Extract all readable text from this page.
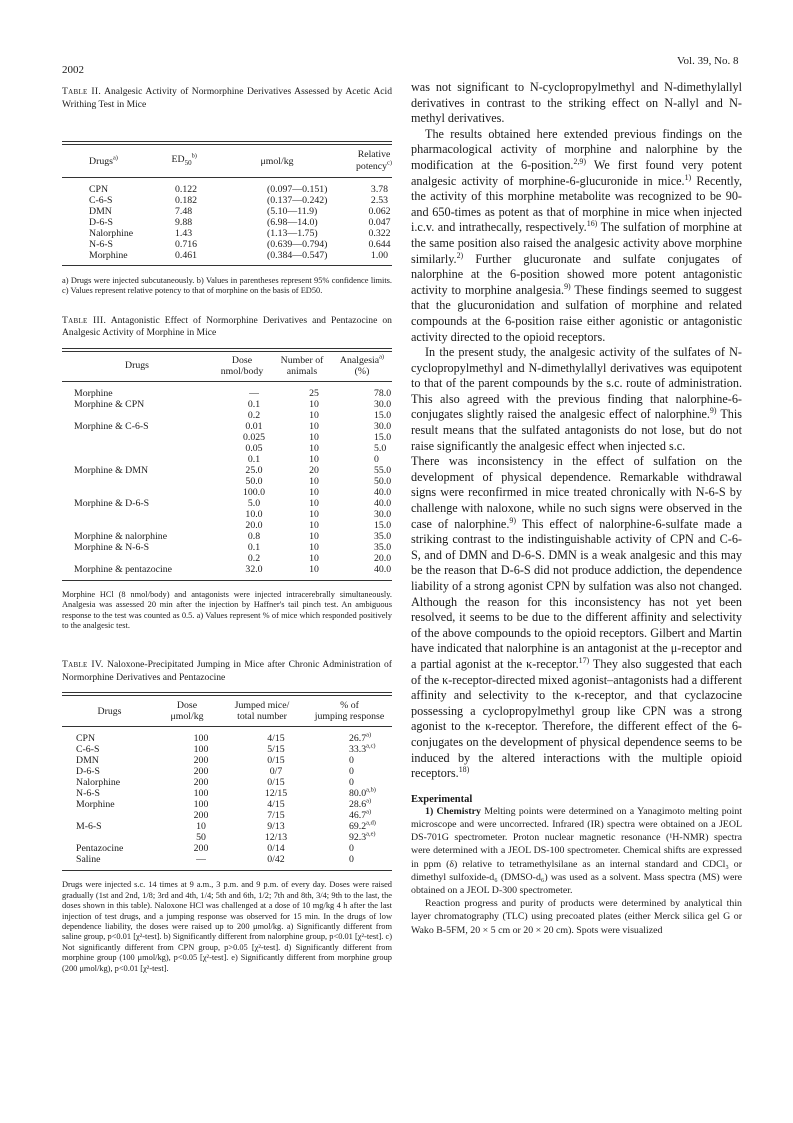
2002
Vol. 39, No. 8

Table II. Analgesic Activity of Normorphine Derivatives Assessed by Acetic Acid Writhing Test in Mice

Drugs$^{a)}$	$ED_{50}^{b)}$	μmol/kg	Relative
potency$^{c)}$
CPN	0.122	(0.097—0.151)	3.78
C-6-S	0.182	(0.137—0.242)	2.53
DMN	7.48	(5.10—11.9)	0.062
D-6-S	9.88	(6.98—14.0)	0.047
Nalorphine	1.43	(1.13—1.75)	0.322
N-6-S	0.716	(0.639—0.794)	0.644
Morphine	0.461	(0.384—0.547)	1.00

a) Drugs were injected subcutaneously. b) Values in parentheses represent 95% confidence limits. c) Values represent relative potency to that of morphine on the basis of ED50.

Table III. Antagonistic Effect of Normorphine Derivatives and Pentazocine on Analgesic Activity of Morphine in Mice

Drugs	Dose
nmol/body	Number of
animals	Analgesia$^{a)}$
(%)
Morphine	—	25	78.0
Morphine & CPN	0.1	10	30.0
	0.2	10	15.0
Morphine & C-6-S	0.01	10	30.0
	0.025	10	15.0
	0.05	10	5.0
	0.1	10	0
Morphine & DMN	25.0	20	55.0
	50.0	10	50.0
	100.0	10	40.0
Morphine & D-6-S	5.0	10	40.0
	10.0	10	30.0
	20.0	10	15.0
Morphine & nalorphine	0.8	10	35.0
Morphine & N-6-S	0.1	10	35.0
	0.2	10	20.0
Morphine & pentazocine	32.0	10	40.0

Morphine HCl (8 nmol/body) and antagonists were injected intracerebrally simultaneously. Analgesia was assessed 20 min after the injection by Haffner's tail pinch test. An ambiguous response to the test was counted as 0.5. a) Values represent % of mice which responded positively to the analgesic test.

Table IV. Naloxone-Precipitated Jumping in Mice after Chronic Administration of Normorphine Derivatives and Pentazocine

Drugs	Dose
μmol/kg	Jumped mice/
total number	% of
jumping response
CPN	100	4/15	26.7$^{a)}$
C-6-S	100	5/15	33.3$^{a,c)}$
DMN	200	0/15	0
D-6-S	200	0/7	0
Nalorphine	200	0/15	0
N-6-S	100	12/15	80.0$^{a,b)}$
Morphine	100	4/15	28.6$^{a)}$
	200	7/15	46.7$^{a)}$
M-6-S	10	9/13	69.2$^{a,d)}$
	50	12/13	92.3$^{a,e)}$
Pentazocine	200	0/14	0
Saline	—	0/42	0

Drugs were injected s.c. 14 times at 9 a.m., 3 p.m. and 9 p.m. of every day. Doses were raised gradually (1st and 2nd, 1/8; 3rd and 4th, 1/4; 5th and 6th, 1/2; 7th and 8th, 3/4; 9th to the last, the doses shown in this table). Naloxone HCl was challenged at a dose of 10 mg/kg 4 h after the last injection of test drugs, and a jumping response was observed for 15 min. In the drugs of low dependence liability, the doses were raised up to 200 μmol/kg. a) Significantly different from saline group, p<0.01 [χ²-test]. b) Significantly different from nalorphine group, p<0.01 [χ²-test]. c) Not significantly different from CPN group, p>0.05 [χ²-test]. d) Significantly different from morphine group (100 μmol/kg), p<0.05 [χ²-test]. e) Significantly different from morphine group (200 μmol/kg), p<0.01 [χ²-test].

was not significant to N-cyclopropylmethyl and N-dimethylallyl derivatives in contrast to the striking effect on N-allyl and N-methyl derivatives.

The results obtained here extended previous findings on the pharmacological activity of morphine and nalorphine by the modification at the 6-position.$^{2,9)}$ We first found very potent analgesic activity of morphine-6-glucuronide in mice.$^{1)}$ Recently, the activity of this morphine metabolite was recognized to be 90- and 650-times as potent as that of morphine in mice when injected i.c.v. and intrathecally, respectively.$^{16)}$ The sulfation of morphine at the same position also raised the analgesic activity above morphine similarly.$^{2)}$ Further glucuronate and sulfate conjugates of nalorphine at the 6-position showed more potent antagonistic activity to morphine analgesia.$^{9)}$ These findings seemed to suggest that the glucuronidation and sulfation of morphine and related compounds at the 6-position raise either agonistic or antagonistic activity directed to the opioid receptors.

In the present study, the analgesic activity of the sulfates of N-cyclopropylmethyl and N-dimethylallyl derivatives was equipotent to that of the parent compounds by the s.c. route of administration. This also agreed with the previous finding that nalorphine-6-conjugates slightly raised the analgesic effect of nalorphine.$^{9)}$ This result means that the sulfated antagonists do not lose, but do not raise significantly the analgesic effect when injected s.c.

There was inconsistency in the effect of sulfation on the development of physical dependence. Remarkable withdrawal signs were reconfirmed in mice treated chronically with N-6-S by challenge with naloxone, while no such signs were observed in the case of nalorphine.$^{9)}$ This effect of nalorphine-6-sulfate made a striking contrast to the indistinguishable activity of CPN and C-6-S, and of DMN and D-6-S. DMN is a weak analgesic and this may be the reason that D-6-S did not produce addiction, the dependence liability of a strong agonist CPN by sulfation was also not changed. Although the reason for this inconsistency has not yet been resolved, it seems to be due to the different affinity and selectivity of the above compounds to the opioid receptors. Gilbert and Martin have indicated that nalorphine is an antagonist at the μ-receptor and a partial agonist at the κ-receptor.$^{17)}$ They also suggested that each of the κ-receptor-directed mixed agonist–antagonists had a different affinity and selectivity to the κ-receptor, and that cyclazocine possessing a cyclopropylmethyl group like CPN was a strong agonist to the κ-receptor. Therefore, the different effect of the 6-conjugates on the development of physical dependence seems to be induced by the altered interactions with the multiple opioid receptors.$^{18)}$

Experimental

1) Chemistry Melting points were determined on a Yanagimoto melting point microscope and were uncorrected. Infrared (IR) spectra were obtained on a JEOL DS-701G spectrometer. Proton nuclear magnetic resonance (¹H-NMR) spectra were determined with a JEOL DS-100 spectrometer. Chemical shifts are expressed in ppm (δ) relative to tetramethylsilane as an internal standard and CDCl₃ or dimethyl sulfoxide-d₆ (DMSO-d₆) was used as a solvent. Mass spectra (MS) were obtained on a JEOL D-300 spectrometer.

Reaction progress and purity of products were determined by analytical thin layer chromatography (TLC) using precoated plates (either Merck silica gel G or Wako B-5FM, 20 × 5 cm or 20 × 20 cm). Spots were visualized
